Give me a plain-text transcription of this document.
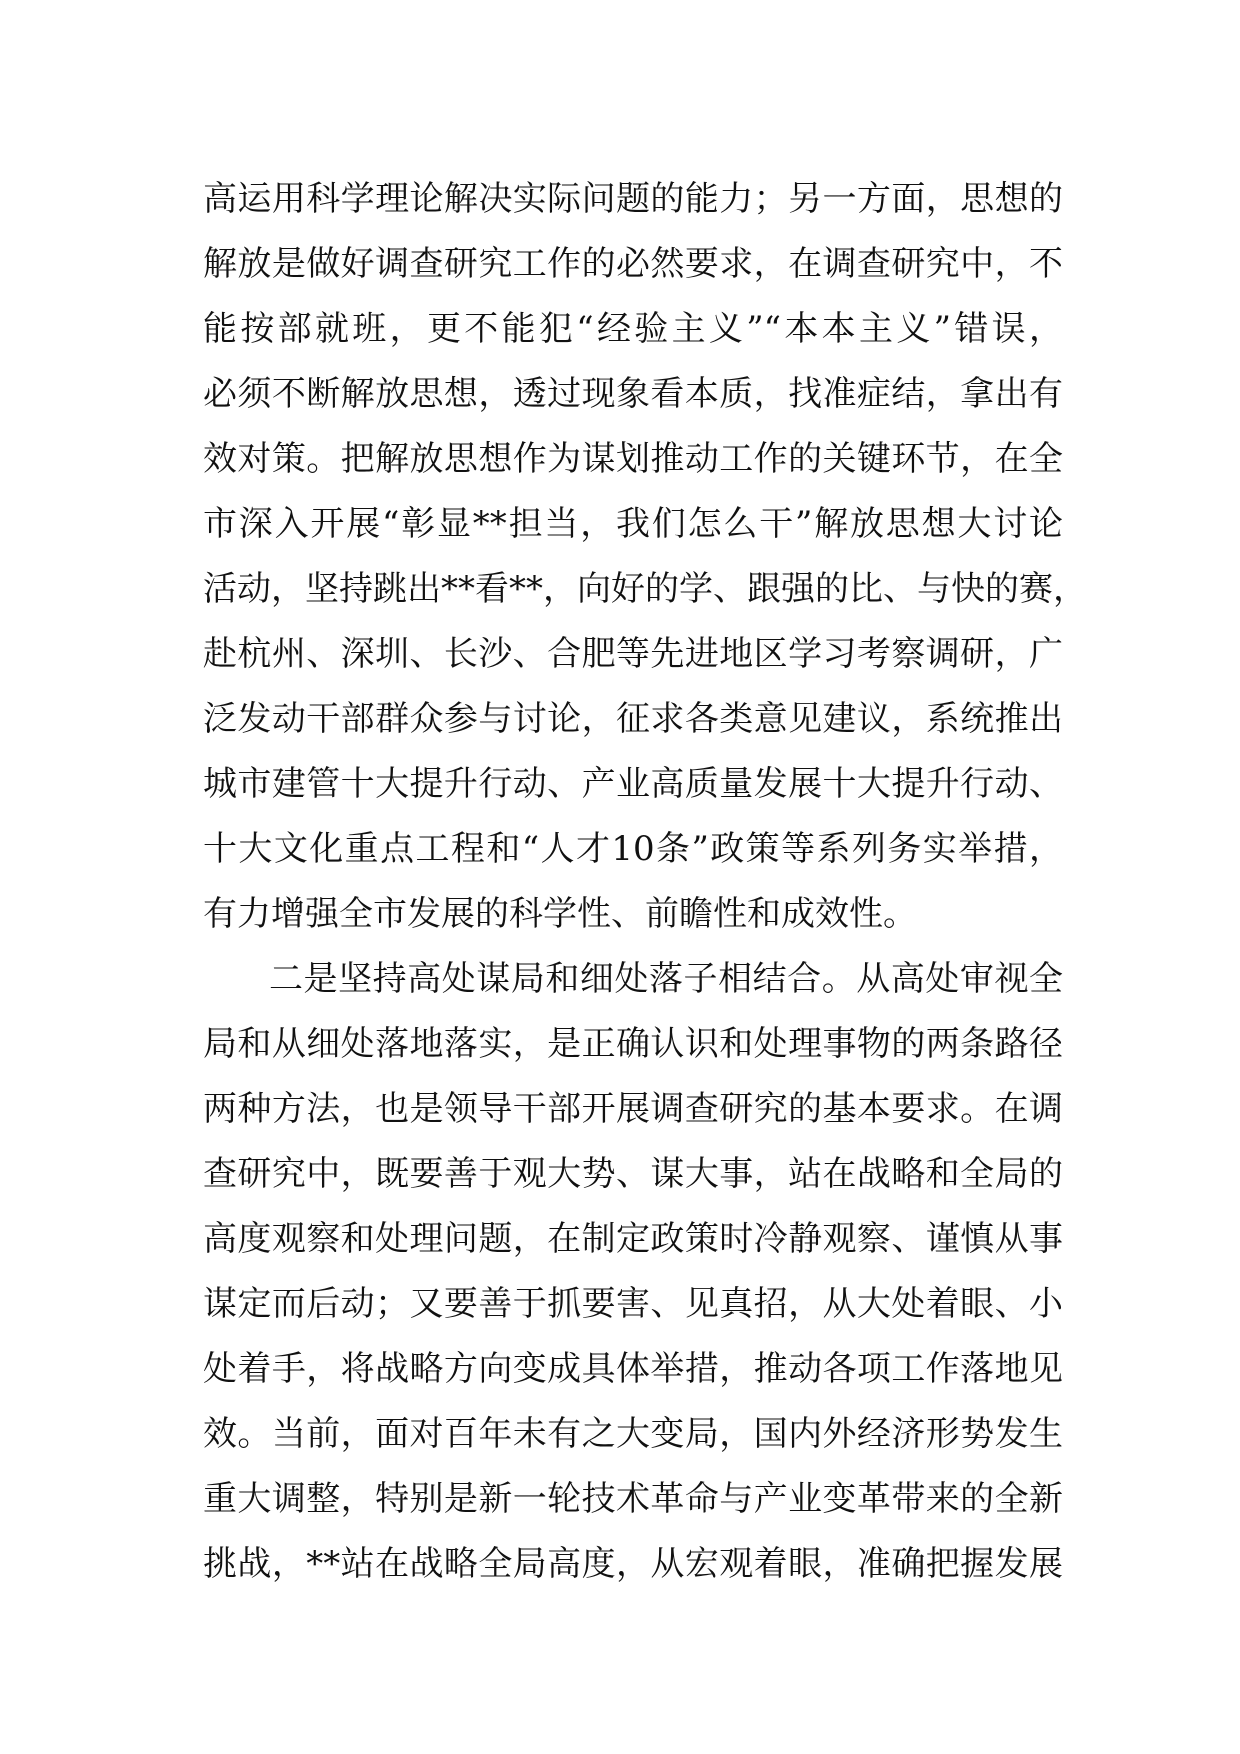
高运用科学理论解决实际问题的能力；另一方面，思想的
解放是做好调查研究工作的必然要求，在调查研究中，不
能按部就班，更不能犯“经验主义”“本本主义”错误，
必须不断解放思想，透过现象看本质，找准症结，拿出有
效对策。把解放思想作为谋划推动工作的关键环节，在全
市深入开展“彰显**担当，我们怎么干”解放思想大讨论
活动，坚持跳出**看**，向好的学、跟强的比、与快的赛，
赴杭州、深圳、长沙、合肥等先进地区学习考察调研，广
泛发动干部群众参与讨论，征求各类意见建议，系统推出
城市建管十大提升行动、产业高质量发展十大提升行动、
十大文化重点工程和“人才10条”政策等系列务实举措，
有力增强全市发展的科学性、前瞻性和成效性。
二是坚持高处谋局和细处落子相结合。从高处审视全
局和从细处落地落实，是正确认识和处理事物的两条路径
两种方法，也是领导干部开展调查研究的基本要求。在调
查研究中，既要善于观大势、谋大事，站在战略和全局的
高度观察和处理问题，在制定政策时冷静观察、谨慎从事
谋定而后动；又要善于抓要害、见真招，从大处着眼、小
处着手，将战略方向变成具体举措，推动各项工作落地见
效。当前，面对百年未有之大变局，国内外经济形势发生
重大调整，特别是新一轮技术革命与产业变革带来的全新
挑战，**站在战略全局高度，从宏观着眼，准确把握发展
